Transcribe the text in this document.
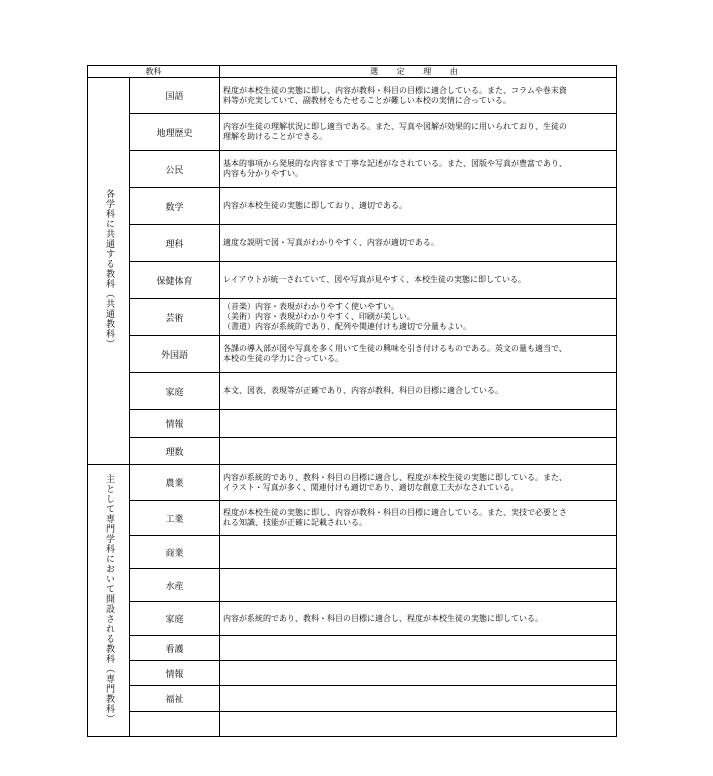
教科		選 定 理 由
各学科に共通する教科（共通教科）	国語	程度が本校生徒の実態に即し、内容が教科・科目の目標に適合している。また、コラムや巻末資
料等が充実していて、副教材をもたせることが難しい本校の実情に合っている。

	地理歴史	内容が生徒の理解状況に即し適当である。また、写真や図解が効果的に用いられており、生徒の
理解を助けることができる。

	公民	基本的事項から発展的な内容まで丁寧な記述がなされている。また、図版や写真が豊富であり、
内容も分かりやすい。

	数学	内容が本校生徒の実態に即しており、適切である。

	理科	適度な説明で図・写真がわかりやすく、内容が適切である。

	保健体育	レイアウトが統一されていて、図や写真が見やすく、本校生徒の実態に即している。

	芸術	（音楽）内容・表現がわかりやすく使いやすい。
（美術）内容・表現がわかりやすく、印刷が美しい。
（書道）内容が系統的であり、配列や関連付けも適切で分量もよい。

	外国語	各課の導入部が図や写真を多く用いて生徒の興味を引き付けるものである。英文の量も適当で、
本校の生徒の学力に合っている。

	家庭	本文、図表、表現等が正確であり、内容が教科、科目の目標に適合している。

	情報	
	理数	
主として専門学科において開設される教科（専門教科）	農業	内容が系統的であり、教科・科目の目標に適合し、程度が本校生徒の実態に即している。また、
イラスト・写真が多く、関連付けも適切であり、適切な創意工夫がなされている。

	工業	程度が本校生徒の実態に即し、内容が教科・科目の目標に適合している。また、実技で必要とさ
れる知識、技能が正確に記載されいる。

	商業	
	水産	
	家庭	内容が系統的であり、教科・科目の目標に適合し、程度が本校生徒の実態に即している。

	看護	
	情報	
	福祉	
